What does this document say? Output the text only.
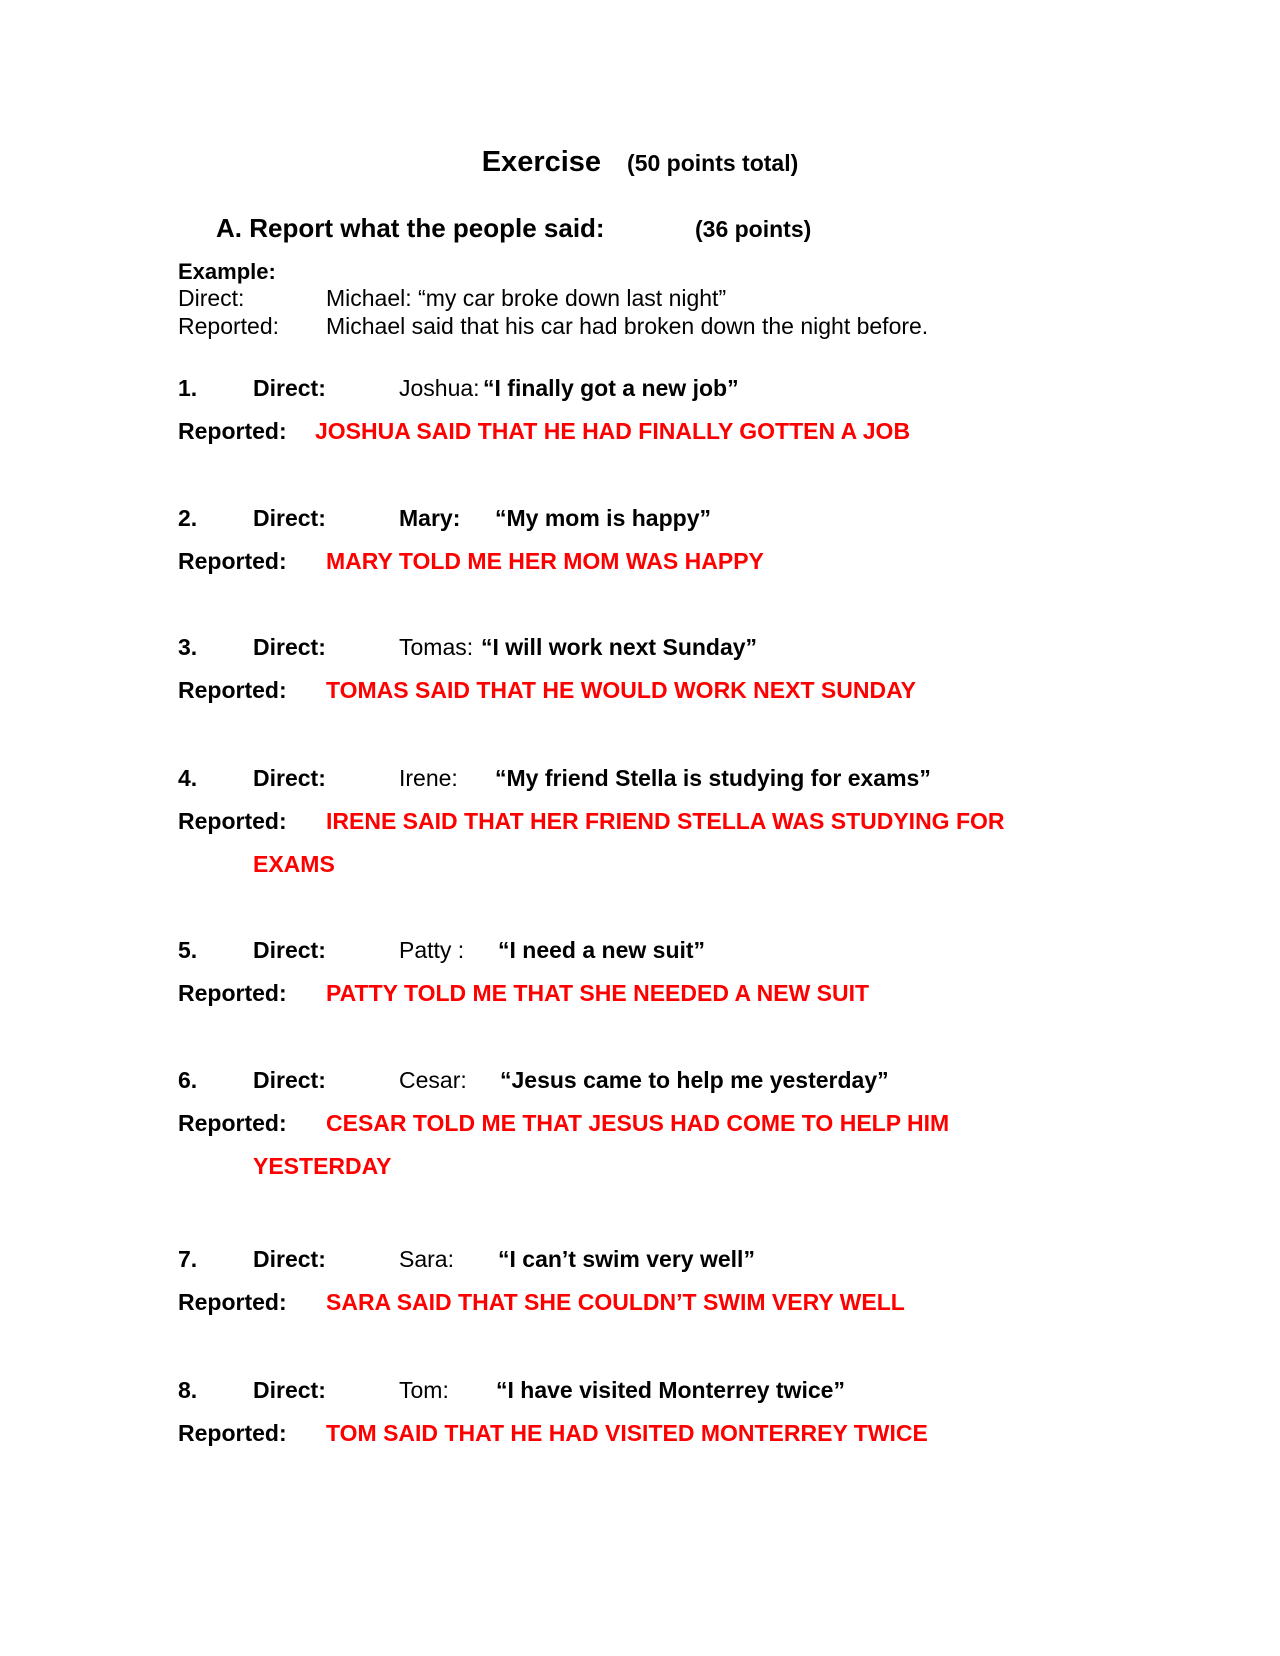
Exercise (50 points total)
A. Report what the people said:	(36 points)
Example:
Direct:	Michael: “my car broke down last night”
Reported: Michael said that his car had broken down the night before.
1. Direct:	Joshua: “I finally got a new job”
Reported: JOSHUA SAID THAT HE HAD FINALLY GOTTEN A JOB
2. Direct:	Mary: “My mom is happy”
Reported: MARY TOLD ME HER MOM WAS HAPPY
3. Direct:	Tomas: “I will work next Sunday”
Reported: TOMAS SAID THAT HE WOULD WORK NEXT SUNDAY
4. Direct:	Irene: “My friend Stella is studying for exams”
Reported: IRENE SAID THAT HER FRIEND STELLA WAS STUDYING FOR
EXAMS
5. Direct:	Patty : “I need a new suit”
Reported: PATTY TOLD ME THAT SHE NEEDED A NEW SUIT
6. Direct:	Cesar: “Jesus came to help me yesterday”
Reported: CESAR TOLD ME THAT JESUS HAD COME TO HELP HIM
YESTERDAY
7. Direct:	Sara: “I can’t swim very well”
Reported: SARA SAID THAT SHE COULDN’T SWIM VERY WELL
8. Direct:	Tom: “I have visited Monterrey twice”
Reported: TOM SAID THAT HE HAD VISITED MONTERREY TWICE
